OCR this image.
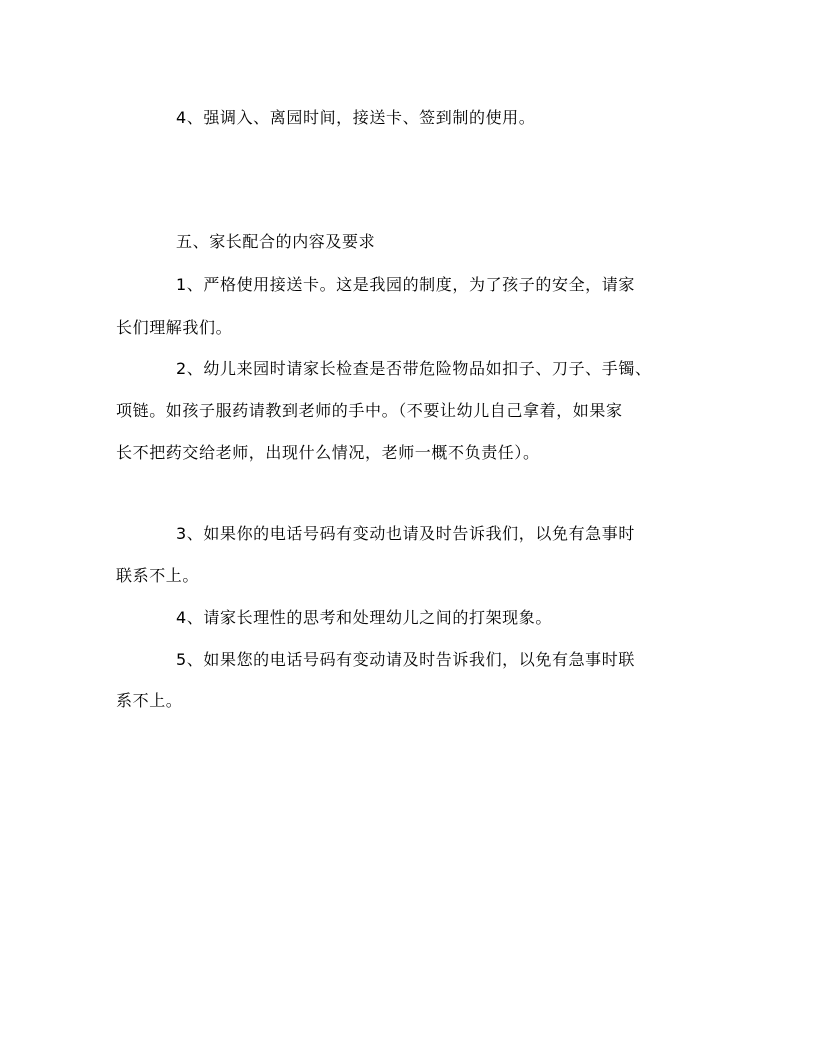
4、强调入、离园时间，接送卡、签到制的使用。
五、家长配合的内容及要求
1、严格使用接送卡。这是我园的制度，为了孩子的安全，请家
长们理解我们。
2、幼儿来园时请家长检查是否带危险物品如扣子、刀子、手镯、
项链。如孩子服药请教到老师的手中。（不要让幼儿自己拿着，如果家
长不把药交给老师，出现什么情况，老师一概不负责任）。
3、如果你的电话号码有变动也请及时告诉我们，以免有急事时
联系不上。
4、请家长理性的思考和处理幼儿之间的打架现象。
5、如果您的电话号码有变动请及时告诉我们，以免有急事时联
系不上。
